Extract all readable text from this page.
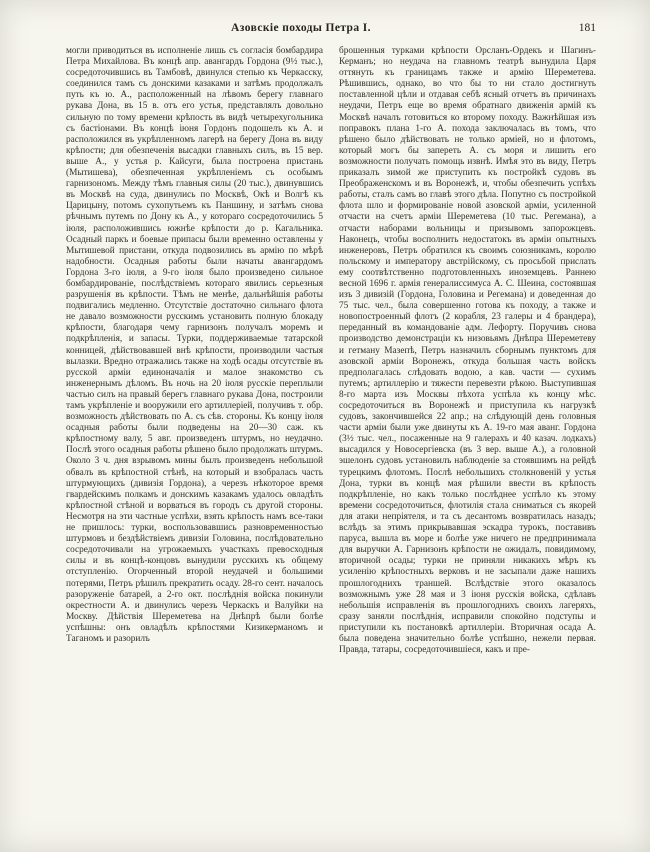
Азовскіе походы Петра I.	181

могли приводиться въ исполненіе лишь съ согласія бомбардира Петра Михайлова. Въ концѣ апр. авангардъ Гордона (9½ тыс.), сосредоточившись въ Тамбовѣ, двинулся степью къ Черкасску, соединился тамъ съ донскими казаками и затѣмъ продолжалъ путь къ ю. А., расположенный на лѣвомъ берегу главнаго рукава Дона, въ 15 в. отъ его устья, представлялъ довольно сильную по тому времени крѣпость въ видѣ четырехугольника съ бастіонами. Въ концѣ іюня Гордонъ подошелъ къ А. и расположился въ укрѣпленномъ лагерѣ на берегу Дона въ виду крѣпости; для обезпеченія высадки главныхъ силъ, въ 15 вер. выше А., у устья р. Кайсуги, была построена пристань (Мытишева), обезпеченная укрѣпленіемъ съ особымъ гарнизономъ. Между тѣмъ главныя силы (20 тыс.), двинувшись въ Москвѣ на суда, двинулись по Москвѣ, Окѣ и Волгѣ къ Царицыну, потомъ сухопутьемъ къ Паншину, и затѣмъ снова рѣчнымъ путемъ по Дону къ А., у котораго сосредоточились 5 іюля, расположившись южнѣе крѣпости до р. Кагальника. Осадный паркъ и боевые припасы были временно оставлены у Мытишевой пристани, откуда подвозились въ армію по мѣрѣ надобности. Осадныя работы были начаты авангардомъ Гордона 3-го іюля, а 9-го іюля было произведено сильное бомбардированіе, послѣдствіемъ котораго явились серьезныя разрушенія въ крѣпости. Тѣмъ не менѣе, дальнѣйшія работы подвигались медленно. Отсутствіе достаточно сильнаго флота не давало возможности русскимъ установить полную блокаду крѣпости, благодаря чему гарнизонъ получалъ моремъ и подкрѣпленія, и запасы. Турки, поддерживаемые татарской конницей, дѣйствовавшей внѣ крѣпости, производили частыя вылазки. Вредно отражались также на ходѣ осады отсутствіе въ русской арміи единоначалія и малое знакомство съ инженернымъ дѣломъ. Въ ночь на 20 іюля русскіе переплыли частью силъ на правый берегъ главнаго рукава Дона, построили тамъ укрѣпленіе и вооружили его артиллеріей, получивъ т. обр. возможность дѣйствовать по А. съ сѣв. стороны. Къ концу іюля осадныя работы были подведены на 20—30 саж. къ крѣпостному валу, 5 авг. произведенъ штурмъ, но неудачно. Послѣ этого осадныя работы рѣшено было продолжать штурмъ. Около 3 ч. дня взрывомъ мины былъ произведенъ небольшой обвалъ въ крѣпостной стѣнѣ, на который и взобралась часть штурмующихъ (дивизія Гордона), а черезъ нѣкоторое время гвардейскимъ полкамъ и донскимъ казакамъ удалось овладѣть крѣпостной стѣной и ворваться въ городъ съ другой стороны. Несмотря на эти частные успѣхи, взять крѣпость намъ все-таки не пришлось: турки, воспользовавшись разновременностью штурмовъ и бездѣйствіемъ дивизіи Головина, послѣдовательно сосредоточивали на угрожаемыхъ участкахъ превосходныя силы и въ концѣ-концовъ вынудили русскихъ къ общему отступленію. Огорченный второй неудачей и большими потерями, Петръ рѣшилъ прекратить осаду. 28-го сент. началось разоруженіе батарей, а 2-го окт. послѣднія войска покинули окрестности А. и двинулись черезъ Черкаскъ и Валуйки на Москву. Дѣйствія Шереметева на Днѣпрѣ были болѣе успѣшны: онъ овладѣлъ крѣпостями Кизикерманомъ и Таганомъ и разорилъ

брошенныя турками крѣпости Орсланъ-Ордекъ и Шагинъ-Керманъ; но неудача на главномъ театрѣ вынудила Царя оттянуть къ границамъ также и армію Шереметева. Рѣшившись, однако, во что бы то ни стало достигнуть поставленной цѣли и отдавая себѣ ясный отчетъ въ причинахъ неудачи, Петръ еще во время обратнаго движенія армій къ Москвѣ началъ готовиться ко второму походу. Важнѣйшая изъ поправокъ плана 1-го А. похода заключалась въ томъ, что рѣшено было дѣйствовать не только арміей, но и флотомъ, который могъ бы запереть А. съ моря и лишить его возможности получать помощь извнѣ. Имѣя это въ виду, Петръ приказалъ зимой же приступить къ постройкѣ судовъ въ Преображенскомъ и въ Воронежѣ, и, чтобы обезпечить успѣхъ работы, сталъ самъ во главѣ этого дѣла. Попутно съ постройкой флота шло и формированіе новой азовской арміи, усиленной отчасти на счетъ арміи Шереметева (10 тыс. Регемана), а отчасти наборами вольницы и призывомъ запорожцевъ. Наконецъ, чтобы восполнить недостатокъ въ арміи опытныхъ инженеровъ, Петръ обратился къ своимъ союзникамъ, королю польскому и императору австрійскому, съ просьбой прислать ему соотвѣтственно подготовленныхъ иноземцевъ. Раннею весной 1696 г. армія генералиссимуса А. С. Шеина, состоявшая изъ 3 дивизій (Гордона, Головина и Регемана) и доведенная до 75 тыс. чел., была совершенно готова къ походу, а также и новопостроенный флотъ (2 корабля, 23 галеры и 4 брандера), переданный въ командованіе адм. Лефорту. Поручивъ снова производство демонстраціи къ низовьямъ Днѣпра Шереметеву и гетману Мазепѣ, Петръ назначилъ сборнымъ пунктомъ для азовской арміи Воронежъ, откуда большая часть войскъ предполагалась слѣдовать водою, а кав. части — сухимъ путемъ; артиллерію и тяжести перевезти рѣкою. Выступившая 8-го марта изъ Москвы пѣхота успѣла къ концу мѣс. сосредоточиться въ Воронежѣ и приступила къ нагрузкѣ судовъ, закончившейся 22 апр.; на слѣдующій день головныя части арміи были уже двинуты къ А. 19-го мая аванг. Гордона (3½ тыс. чел., посаженные на 9 галерахъ и 40 казач. лодкахъ) высадился у Новосергіевска (въ 3 вер. выше А.), а головной эшелонъ судовъ установилъ наблюденіе за стоявшимъ на рейдѣ турецкимъ флотомъ. Послѣ небольшихъ столкновеній у устья Дона, турки въ концѣ мая рѣшили ввести въ крѣпость подкрѣпленіе, но какъ только послѣднее успѣло къ этому времени сосредоточиться, флотилія стала сниматься съ якорей для атаки непріятеля, и та съ десантомъ возвратилась назадъ; вслѣдъ за этимъ прикрывавшая эскадра турокъ, поставивъ паруса, вышла въ море и болѣе уже ничего не предпринимала для выручки А. Гарнизонъ крѣпости не ожидалъ, повидимому, вторичной осады; турки не приняли никакихъ мѣръ къ усиленію крѣпостныхъ верковъ и не засыпали даже нашихъ прошлогоднихъ траншей. Вслѣдствіе этого оказалось возможнымъ уже 28 мая и 3 іюня русскія войска, сдѣлавъ небольшія исправленія въ прошлогоднихъ своихъ лагеряхъ, сразу заняли послѣднія, исправили спокойно подступы и приступили къ постановкѣ артиллеріи. Вторичная осада А. была поведена значительно болѣе успѣшно, нежели первая. Правда, татары, сосредоточившіеся, какъ и пре-
